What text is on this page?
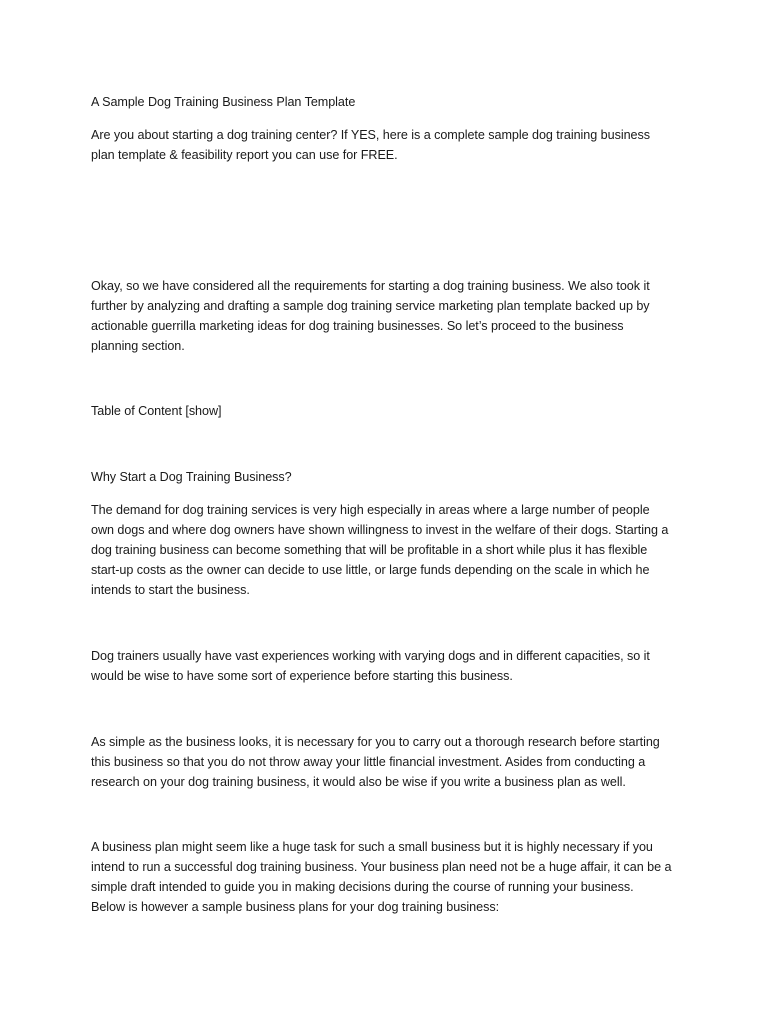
A Sample Dog Training Business Plan Template
Are you about starting a dog training center? If YES, here is a complete sample dog training business
plan template & feasibility report you can use for FREE.
Okay, so we have considered all the requirements for starting a dog training business. We also took it
further by analyzing and drafting a sample dog training service marketing plan template backed up by
actionable guerrilla marketing ideas for dog training businesses. So let’s proceed to the business
planning section.
Table of Content [show]
Why Start a Dog Training Business?
The demand for dog training services is very high especially in areas where a large number of people
own dogs and where dog owners have shown willingness to invest in the welfare of their dogs. Starting a
dog training business can become something that will be profitable in a short while plus it has flexible
start-up costs as the owner can decide to use little, or large funds depending on the scale in which he
intends to start the business.
Dog trainers usually have vast experiences working with varying dogs and in different capacities, so it
would be wise to have some sort of experience before starting this business.
As simple as the business looks, it is necessary for you to carry out a thorough research before starting
this business so that you do not throw away your little financial investment. Asides from conducting a
research on your dog training business, it would also be wise if you write a business plan as well.
A business plan might seem like a huge task for such a small business but it is highly necessary if you
intend to run a successful dog training business. Your business plan need not be a huge affair, it can be a
simple draft intended to guide you in making decisions during the course of running your business.
Below is however a sample business plans for your dog training business:
